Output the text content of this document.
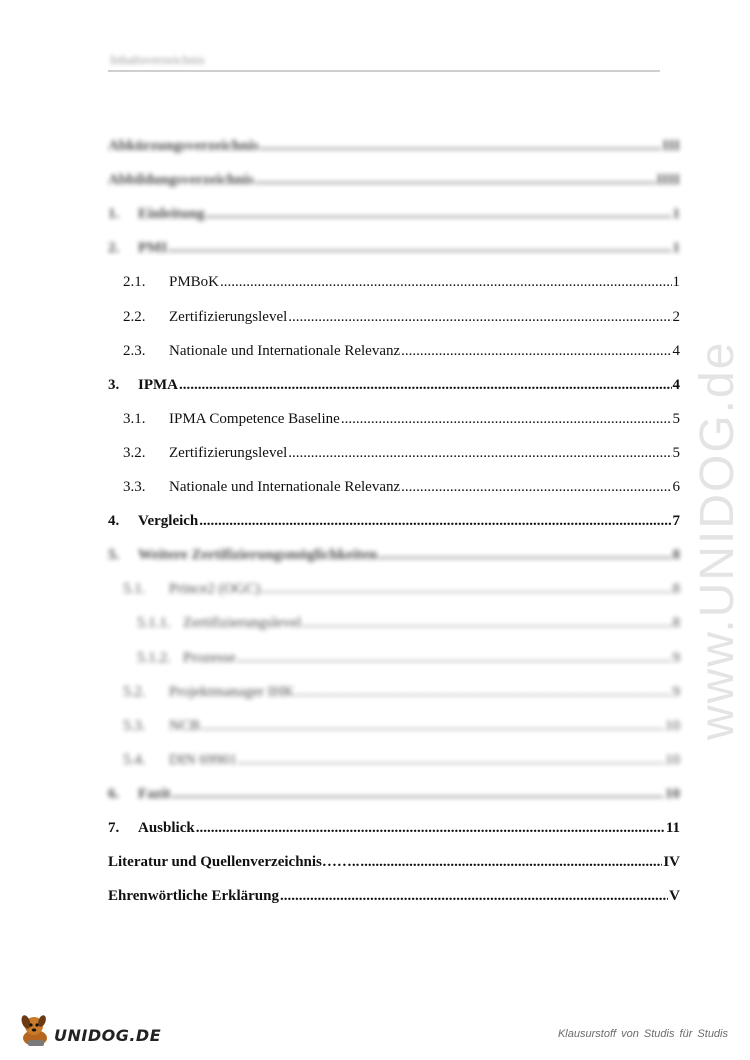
Inhaltsverzeichnis
www.UNIDOG.de
Abkürzungsverzeichnis .....	III
Abbildungsverzeichnis .....	IIII
1.	Einleitung .....	1
2.	PMI .....	1
2.1.	PMBoK .....	1
2.2.	Zertifizierungslevel .....	2
2.3.	Nationale und Internationale Relevanz .....	4
3.	IPMA .....	4
3.1.	IPMA Competence Baseline .....	5
3.2.	Zertifizierungslevel .....	5
3.3.	Nationale und Internationale Relevanz .....	6
4.	Vergleich .....	7
5.	Weitere Zertifizierungsmöglichkeiten .....	8
5.1.	Prince2 (OGC) .....	8
5.1.1. Zertifizierungslevel .....	8
5.1.2. Prozesse .....	9
5.2.	Projektmanager IHK .....	9
5.3.	NCB .....	10
5.4.	DIN 69901 .....	10
6.	Fazit .....	10
7.	Ausblick .....	11
Literatur und Quellenverzeichnis…….. .....	IV
Ehrenwörtliche Erklärung .....	V
UNIDOG.DE	Klausurstoff von Studis für Studis
